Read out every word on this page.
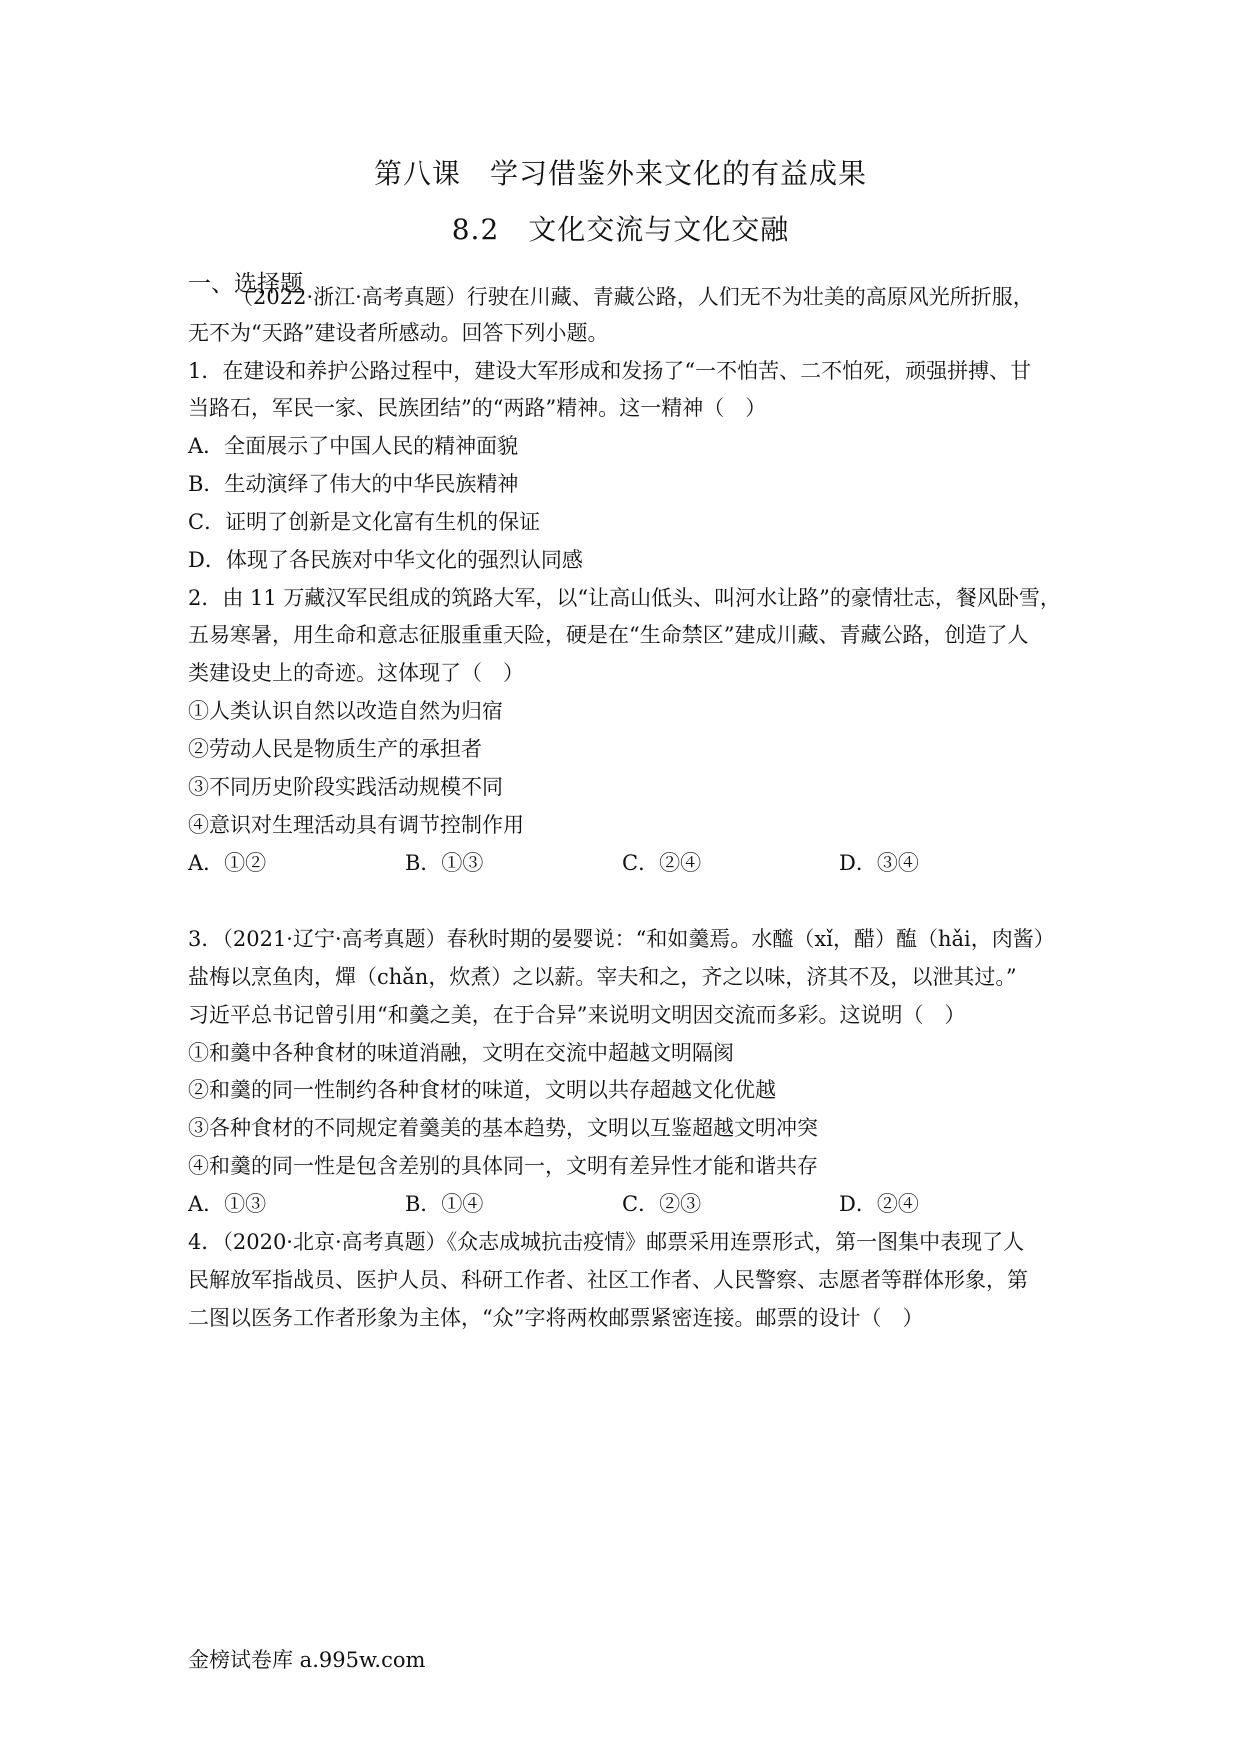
第八课　学习借鉴外来文化的有益成果
8.2　文化交流与文化交融
一、选择题
（2022·浙江·高考真题）行驶在川藏、青藏公路，人们无不为壮美的高原风光所折服，
无不为“天路”建设者所感动。回答下列小题。
1．在建设和养护公路过程中，建设大军形成和发扬了“一不怕苦、二不怕死，顽强拼搏、甘
当路石，军民一家、民族团结”的“两路”精神。这一精神（　）
A．全面展示了中国人民的精神面貌
B．生动演绎了伟大的中华民族精神
C．证明了创新是文化富有生机的保证
D．体现了各民族对中华文化的强烈认同感
2．由 11 万藏汉军民组成的筑路大军，以“让高山低头、叫河水让路”的豪情壮志，餐风卧雪，
五易寒暑，用生命和意志征服重重天险，硬是在“生命禁区”建成川藏、青藏公路，创造了人
类建设史上的奇迹。这体现了（　）
①人类认识自然以改造自然为归宿
②劳动人民是物质生产的承担者
③不同历史阶段实践活动规模不同
④意识对生理活动具有调节控制作用
A．①②	B．①③	C．②④	D．③④
3．（2021·辽宁·高考真题）春秋时期的晏婴说：“和如羹焉。水醯（xǐ，醋）醢（hǎi，肉酱）
盐梅以烹鱼肉，燀（chǎn，炊煮）之以薪。宰夫和之，齐之以味，济其不及，以泄其过。”
习近平总书记曾引用“和羹之美，在于合异”来说明文明因交流而多彩。这说明（　）
①和羹中各种食材的味道消融，文明在交流中超越文明隔阂
②和羹的同一性制约各种食材的味道，文明以共存超越文化优越
③各种食材的不同规定着羹美的基本趋势，文明以互鉴超越文明冲突
④和羹的同一性是包含差别的具体同一，文明有差异性才能和谐共存
A．①③	B．①④	C．②③	D．②④
4．（2020·北京·高考真题）《众志成城抗击疫情》邮票采用连票形式，第一图集中表现了人
民解放军指战员、医护人员、科研工作者、社区工作者、人民警察、志愿者等群体形象，第
二图以医务工作者形象为主体，“众”字将两枚邮票紧密连接。邮票的设计（　）
金榜试卷库 a.995w.com
